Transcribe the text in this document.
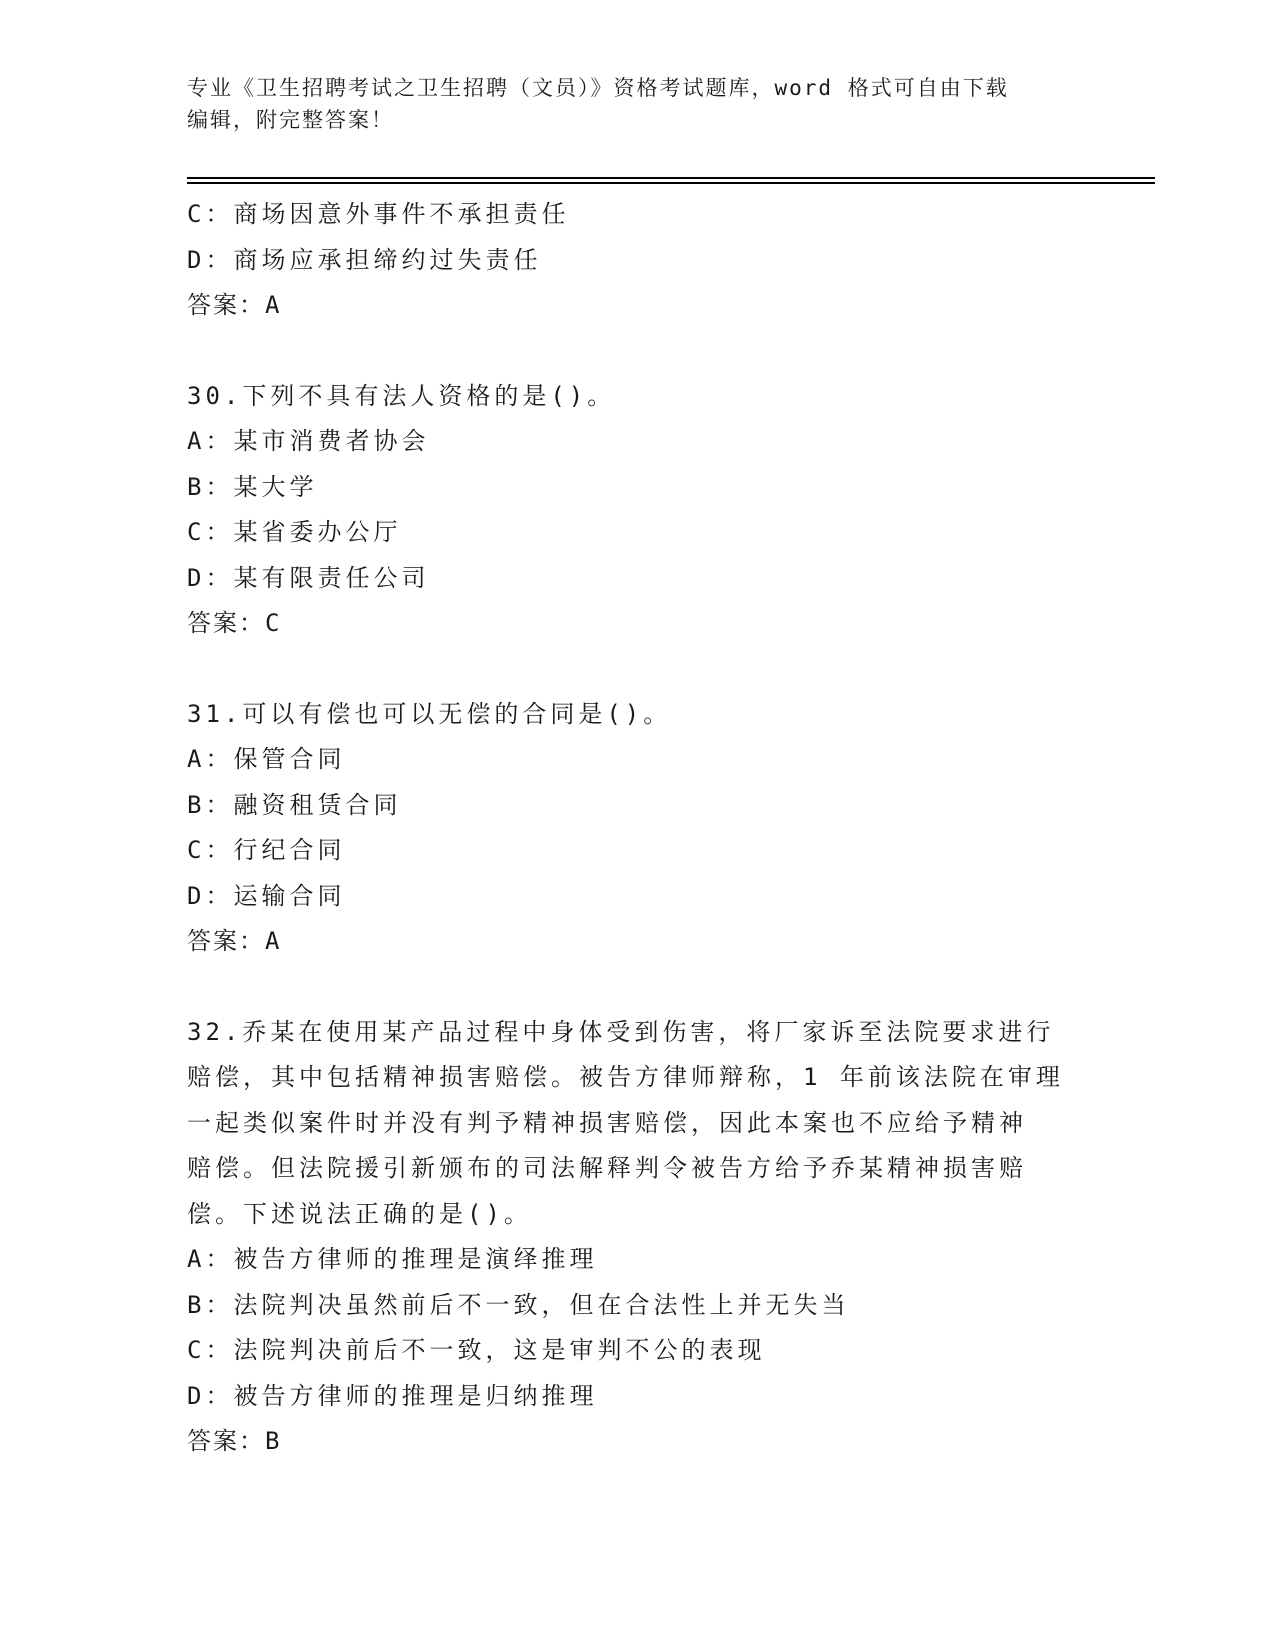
专业《卫生招聘考试之卫生招聘（文员）》资格考试题库，word 格式可自由下载
编辑，附完整答案！
C：商场因意外事件不承担责任
D：商场应承担缔约过失责任
答案：A
30.下列不具有法人资格的是()。
A：某市消费者协会
B：某大学
C：某省委办公厅
D：某有限责任公司
答案：C
31.可以有偿也可以无偿的合同是()。
A：保管合同
B：融资租赁合同
C：行纪合同
D：运输合同
答案：A
32.乔某在使用某产品过程中身体受到伤害，将厂家诉至法院要求进行
赔偿，其中包括精神损害赔偿。被告方律师辩称，1 年前该法院在审理
一起类似案件时并没有判予精神损害赔偿，因此本案也不应给予精神
赔偿。但法院援引新颁布的司法解释判令被告方给予乔某精神损害赔
偿。下述说法正确的是()。
A：被告方律师的推理是演绎推理
B：法院判决虽然前后不一致，但在合法性上并无失当
C：法院判决前后不一致，这是审判不公的表现
D：被告方律师的推理是归纳推理
答案：B
